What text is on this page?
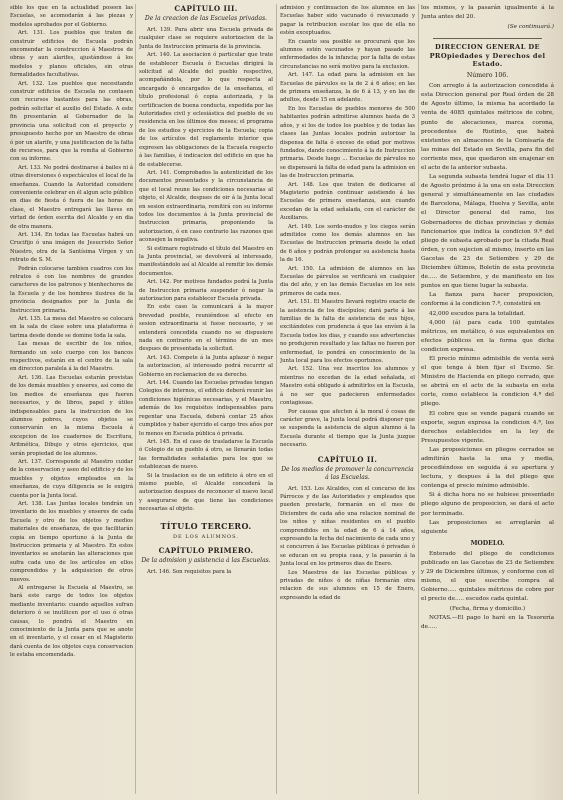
sible los que en la actualidad poseen las Escuelas, se acomodarán á las piezas y modelos aprobados por el Gobierno.

Art. 131. Los pueblos que traten de construir edificios de Escuela podrán encomendar la construccion á Maestros de obras y aun alarifes, ajustándose á los modelos y planos oficiales, sin otras formalidades facultativas.

Art. 132. Los pueblos que necesitando construir edificios de Escuela no contasen con recursos bastantes para las obras, podrán solicitar el auxilio del Estado. A este fin presentarán al Gobernador de la provincia una solicitud con el proyecto y presupuesto hecho por un Maestro de obras ó por un alarife, y una justificacion de la falta de recursos, para que la remita al Gobierno con su informe.

Art. 133. No podrá destinarse á bailes ni á otras diversiones ó espectáculos el local de la enseñanza. Cuando la Autoridad considere conveniente celebrar en él algun acto público en dias de fiesta ó fuera de las horas de clase, el Maestro entregará las llaves en virtud de órden escrita del Alcalde y en dia de otra manera.

Art. 134. En todas las Escuelas habrá un Crucifijo ó una imágen de Jesucristo Señor Nuestro, otra de la Santísima Vírgen y un retrato de S. M.

Podrán colocarse tambien cuadros con los retratos ó con los nombres de grandes caracteres de los patronos y bienhechores de la Escuela y de los hombres ilustres de la provincia designados por la Junta de Instruccion primaria.

Art. 135. La mesa del Maestro se colocará en la sala de clase sobre una plataforma ó tarima desde donde se domine toda la sala.

Las mesas de escribir de los niños, formando un solo cuerpo con los bancos respectivos, estarán en el centro de la sala en direccion paralela á la del Maestro.

Art. 136. Las Escuelas estarán provistas de los demás muebles y enseres, así como de los medios de enseñanza que fueren necesarios, y de libros, papel y útiles indispensables para la instruccion de los alumnos pobres, cuyos objetos se conservarán en la misma Escuela á excepcion de los cuadernos de Escritura, Aritmética, Dibujo y otros ejercicios, que serán propiedad de los alumnos.

Art. 137. Corresponde al Maestro cuidar de la conservacion y aseo del edificio y de los muebles y objetos empleados en la enseñanza, de cuya diligencia se le exigirá cuenta por la Junta local.

Art. 138. Las Juntas locales tendrán un inventario de los muebles y enseres de cada Escuela y otro de los objetos y medios materiales de enseñanza, de que facilitarán copia en tiempo oportuno á la Junta de Instruccion primaria y al Maestro. En estos inventarios se anotarán las alteraciones que sufra cada uno de los artículos en ellos comprendidos y la adquisicion de otros nuevos.

Al entregarse la Escuela al Maestro, se hará este cargo de todos los objetos mediante inventario: cuando aquellos sufran deterioro ó se inutilicen por el uso ó otras causas, lo pondrá el Maestro en conocimiento de la Junta para que se anote en el inventario, y el cesar en el Magisterio dará cuenta de los objetos cuya conservacion le estaba encomendada.

CAPÍTULO III.
De la creacion de las Escuelas privadas.

Art. 139. Para abrir una Escuela privada de cualquier clase se requiere autorizacion de la Junta de Instruccion primaria de la provincia.

Art. 140. La asociacion ó particular que trate de establecer Escuela ó Escuelas dirigirá la solicitud al Alcalde del pueblo respectivo, acompañándola, por lo que respecta al encargado ó encargados de la enseñanza, el título profesional ó copia autorizada, y la certificacion de buena conducta, expedida por las Autoridades civil y eclesiástica del pueblo de su residencia en los últimos dos meses; el programa de los estudios y ejercicios de la Escuela; copia de los artículos del reglamento interior que expresen las obligaciones de la Escuela respecto á las familias, é indicacion del edificio en que ha de establecerse.

Art. 141. Comprobados la autenticidad de los documentos presentados y la circunstancia de que el local reune las condiciones necesarias al objeto, el Alcalde, despues de oir á la Junta local en sesion extraordinaria, remitirá con su informe todos los documentos á la Junta provincial de Instruccion primaria, proponiendo la autorizacion, ó en caso contrario las razones que aconsejen la negativa.

Si estimare registrado el título del Maestro en la Junta provincial, se devolverá al interesado, manifestándolo así al Alcalde al remitir los demás documentos.

Art. 142. Por motivos fundados podrá la Junta de Instruccion primaria suspender ó negar la autorizacion para establecer Escuela privada.

En este caso la comunicará á la mayor brevedad posible, reuniéndose al efecto en sesion extraordinaria si fuese necesario, y se entenderá concedida cuando no se dispusiere nada en contrario en el término de un mes despues de presentada la solicitud.

Art. 143. Compete á la Junta aplazar ó negar la autorizacion, al interesado podrá recurrir al Gobierno en reclamacion de su derecho.

Art. 144. Cuando las Escuelas privadas tengan Colegios de internos, el edificio deberá reunir las condiciones higiénicas necesarias, y el Maestro, además de los requisitos indispensables para regentar una Escuela, deberá contar 25 años cumplidos y haber ejercido el cargo tres años por lo menos en Escuela pública ó privada.

Art. 145. En el caso de trasladarse la Escuela ó Colegio de un pueblo á otro, se llenarán todas las formalidades señaladas para los que se establezcan de nuevo.

Si la traslacion es de un edificio á otro en el mismo pueblo, el Alcalde concederá la autorizacion despues de reconocer el nuevo local y asegurarse de que tiene las condiciones necesarias al objeto.

TÍTULO TERCERO.

DE LOS ALUMNOS.

CAPÍTULO PRIMERO.
De la admision y asistencia á las Escuelas.

Art. 146. Son requisitos para la

admision y continuacion de los alumnos en las Escuelas haber sido vacunado ó revacunado y pagar la retribucion escolar los que de ella no estén exceptuados.

En cuanto sea posible se procurará que los alumnos estén vacunados y hayan pasado las enfermedades de la infancia; por la falta de estas circunstancias no será motivo para la exclusion.

Art. 147. La edad para la admision en las Escuelas de párvulos es la de 2 á 6 años; en las de primera enseñanza, la de 6 á 13, y en las de adultos, desde 15 en adelante.

En los Escuelas de pueblos menores de 500 habitantes podrán admitirse alumnos hasta de 3 años, y si los de todos los pueblos y de todas las clases las Juntas locales podrán autorizar la dispensa de falta ó exceso de edad por motivos fundados, dando conocimiento á la de Instruccion primaria. Desde luego ... Escuelas de párvulos no se dispensará la falta de edad para la admision en las de Instruccion primaria.

Art. 148. Los que traten de dedicarse al Magisterio podrán continuar asistiendo á las Escuelas de primera enseñanza, aun cuando excedan de la edad señalada, con el carácter de Auxiliares.

Art. 149. Los sordo-mudos y los ciegos serán admitidos como los demás alumnos en las Escuelas de Instruccion primaria desde la edad de 6 años y podrán prolongar su asistencia hasta la de 16.

Art. 150. La admision de alumnos en las Escuelas de párvulos se verificará en cualquier dia del año, y en las demás Escuelas en los seis primeros de cada mes.

Art. 151. El Maestro llevará registro exacto de la asistencia de los discípulos; dará parte á las familias de la falta de asistencia de sus hijos, excitándoles con prudencia á que las envíen á la Escuela todos los dias, y cuando sus advertencias no produjeren resultado y las faltas no fueren por enfermedad, lo pondrá en conocimiento de la Junta local para los efectos oportunos.

Art. 152. Una vez inscritos los alumnos y mientras no excedan de la edad señalada, el Maestro está obligado á admitirlos en la Escuela, á no ser que padecieren enfermedades contagiosas.

Por causas que afecten á la moral ó cosas de carácter grave, la Junta local podrá disponer que se suspenda la asistencia de algun alumno á la Escuela durante el tiempo que la Junta juzgue necesario.

CAPÍTULO II.
De los medios de promover la concurrencia á las Escuelas.

Art. 153. Los Alcaldes, con el concurso de los Párrocos y de las Autoridades y empleados que pueden prestarle, formarán en el mes de Diciembre de cada año una relacion nominal de los niños y niñas residentes en el pueblo comprendidos en la edad de 6 á 14 años, expresando la fecha del nacimiento de cada uno y si concurren á las Escuelas públicas ó privadas ó se educan en su propia casa, y la pasarán á la Junta local en los primeros dias de Enero.

Los Maestros de las Escuelas públicas y privadas de niños ó de niñas formarán otra relacion de sus alumnos en 15 de Enero, expresando la edad de

los mismos, y la pasarán igualmente á la Junta antes del 20.

(Se continuará.)

DIRECCION GENERAL DE PROpiedades y Derechos del Estado.

Número 106.

Con arreglo á la autorizacion concedida á esta Direccion general por Real órden de 28 de Agosto último, la misma ha acordado la venta de 4085 quintales métricos de cobre, punto de alecaciones, marca corona, procedentes de Riotinto, que habrá existentes en almacenes de la Comisaría de las minas del Estado en Sevilla, para fin del corriente mes, que quedaron sin enajenar en el acto de la anterior subasta.

La segunda subasta tendrá lugar el dia 11 de Agosto próximo á la una en esta Direccion general y simultáneamente en las ciudades de Barcelona, Málaga, Huelva y Sevilla, ante el Director general del ramo, los Gobernadores de dichas provincias y demás funcionarios que indica la condicion 9.ª del pliego de subasta aprobado por la citada Real órden, y con sujecion al mismo, inserto en las Gacetas de 23 de Setiembre y 29 de Diciembre últimos, Boletín de esta provincia de..... de Setiembre, y de manifiesto en los puntos en que tiene lugar la subasta.

La fianza para hacer proposicion, conforme á la condicion 7.ª, consistirá en

42,000 escudos para la totalidad.

4,000 (á) para cada 100 quintales métricos, en metálico, ó sus equivalentes en efectos públicos en la forma que dicha condicion expresa.

El precio mínimo admisible de venta será el que tenga á bien fijar el Excmo. Sr. Ministro de Hacienda en pliego cerrado, que se abrirá en el acto de la subasta en esta corte, como establece la condicion 4.ª del pliego.

El cobre que se vende pagará cuando se exporte, segun expresa la condicion 4.ª, los derechos establecidos en la ley de Presupuestos vigente.

Las proposiciones en pliegos cerrados se admitirán hasta la una y media, procediéndose en seguida á su apertura y lectura, y despues á la del pliego que contenga el precio mínimo admisible.

Si á dicha hora no se hubiese presentado pliego alguno de proposicion, se dará el acto por terminado.

Las proposiciones se arreglarán al siguiente

MODELO.

Enterado del pliego de condiciones publicado en las Gacetas de 23 de Setiembre y 29 de Diciembre últimos, y conforme con el mismo, el que suscribe compra al Gobierno..... quintales métricos de cobre por el precio de..... escudos cada quintal.

(Fecha, firma y domicilio.)

NOTAS.—El pago lo haré en la Tesorería de.....
